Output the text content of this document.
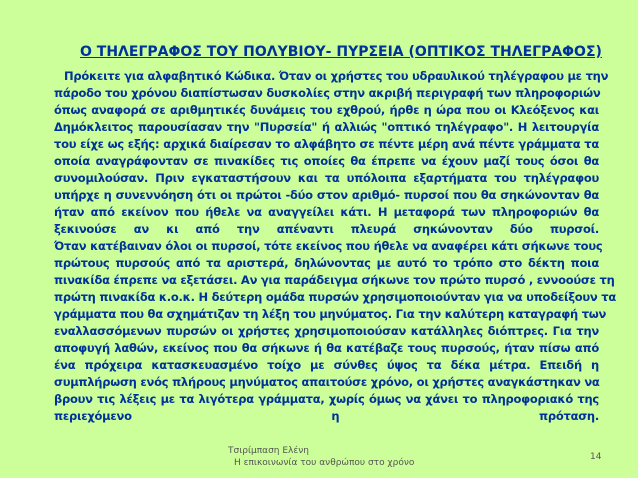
Ο ΤΗΛΕΓΡΑΦΟΣ ΤΟΥ ΠΟΛΥΒΙΟΥ- ΠΥΡΣΕΙΑ (ΟΠΤΙΚΟΣ ΤΗΛΕΓΡΑΦΟΣ)
Πρόκειτε για αλφαβητικό Κώδικα. Όταν οι χρήστες του υδραυλικού τηλέγραφου με την
πάροδο του χρόνου διαπίστωσαν δυσκολίες στην ακριβή περιγραφή των πληροφοριών
όπως αναφορά σε αριθμητικές δυνάμεις του εχθρού, ήρθε η ώρα που οι Κλεόξενος και
Δημόκλειτος παρουσίασαν την "Πυρσεία" ή αλλιώς "οπτικό τηλέγραφο". Η λειτουργία
του είχε ως εξής: αρχικά διαίρεσαν το αλφάβητο σε πέντε μέρη ανά πέντε γράμματα τα
οποία αναγράφονταν σε πινακίδες τις οποίες θα έπρεπε να έχουν μαζί τους όσοι θα
συνομιλούσαν. Πριν εγκαταστήσουν και τα υπόλοιπα εξαρτήματα του τηλέγραφου
υπήρχε η συνεννόηση ότι οι πρώτοι -δύο στον αριθμό- πυρσοί που θα σηκώνονταν θα
ήταν από εκείνον που ήθελε να αναγγείλει κάτι. Η μεταφορά των πληροφοριών θα
ξεκινούσε αν κι από την απέναντι πλευρά σηκώνονταν δύο πυρσοί.
Όταν κατέβαιναν όλοι οι πυρσοί, τότε εκείνος που ήθελε να αναφέρει κάτι σήκωνε τους
πρώτους πυρσούς από τα αριστερά, δηλώνοντας με αυτό το τρόπο στο δέκτη ποια
πινακίδα έπρεπε να εξετάσει. Αν για παράδειγμα σήκωνε τον πρώτο πυρσό , εννοούσε τη
πρώτη πινακίδα κ.ο.κ. Η δεύτερη ομάδα πυρσών χρησιμοποιούνταν για να υποδείξουν τα
γράμματα που θα σχημάτιζαν τη λέξη του μηνύματος. Για την καλύτερη καταγραφή των
εναλλασσόμενων πυρσών οι χρήστες χρησιμοποιούσαν κατάλληλες διόπτρες. Για την
αποφυγή λαθών, εκείνος που θα σήκωνε ή θα κατέβαζε τους πυρσούς, ήταν πίσω από
ένα πρόχειρα κατασκευασμένο τοίχο με σύνθες ύψος τα δέκα μέτρα. Επειδή η
συμπλήρωση ενός πλήρους μηνύματος απαιτούσε χρόνο, οι χρήστες αναγκάστηκαν να
βρουν τις λέξεις με τα λιγότερα γράμματα, χωρίς όμως να χάνει το πληροφοριακό της
περιεχόμενο η πρόταση.
Τσιρίμπαση Ελένη
Η επικοινωνία του ανθρώπου στο χρόνο
14
